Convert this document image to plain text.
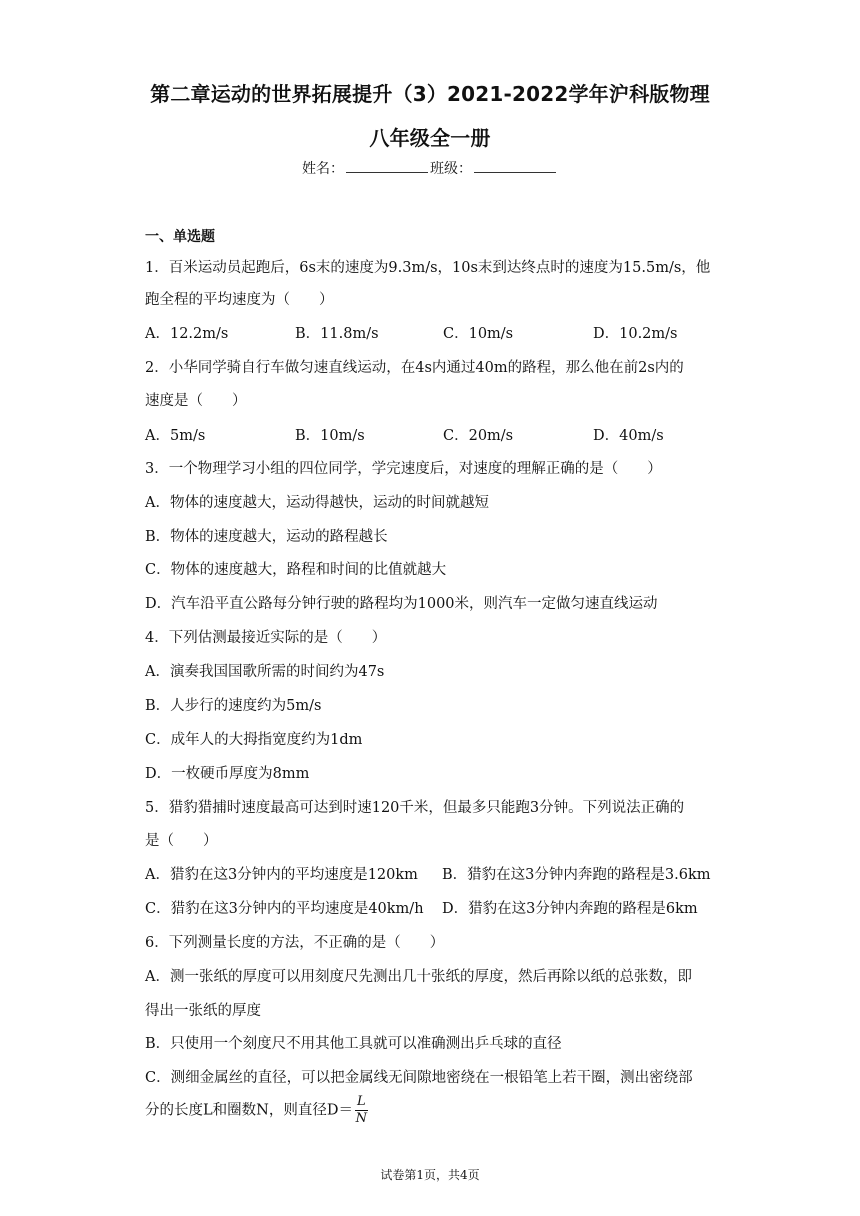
第二章运动的世界拓展提升（3）2021-2022学年沪科版物理
八年级全一册
姓名：	班级：
一、单选题
1．百米运动员起跑后，6s末的速度为9.3m/s，10s末到达终点时的速度为15.5m/s，他
跑全程的平均速度为（　　）
A．12.2m/s	B．11.8m/s	C．10m/s	D．10.2m/s
2．小华同学骑自行车做匀速直线运动，在4s内通过40m的路程，那么他在前2s内的
速度是（　　）
A．5m/s	B．10m/s	C．20m/s	D．40m/s
3．一个物理学习小组的四位同学，学完速度后，对速度的理解正确的是（　　）
A．物体的速度越大，运动得越快，运动的时间就越短
B．物体的速度越大，运动的路程越长
C．物体的速度越大，路程和时间的比值就越大
D．汽车沿平直公路每分钟行驶的路程均为1000米，则汽车一定做匀速直线运动
4．下列估测最接近实际的是（　　）
A．演奏我国国歌所需的时间约为47s
B．人步行的速度约为5m/s
C．成年人的大拇指宽度约为1dm
D．一枚硬币厚度为8mm
5．猎豹猎捕时速度最高可达到时速120千米，但最多只能跑3分钟。下列说法正确的
是（　　）
A．猎豹在这3分钟内的平均速度是120km B．猎豹在这3分钟内奔跑的路程是3.6km
C．猎豹在这3分钟内的平均速度是40km/h D．猎豹在这3分钟内奔跑的路程是6km
6．下列测量长度的方法，不正确的是（　　）
A．测一张纸的厚度可以用刻度尺先测出几十张纸的厚度，然后再除以纸的总张数，即
得出一张纸的厚度
B．只使用一个刻度尺不用其他工具就可以准确测出乒乓球的直径
C．测细金属丝的直径，可以把金属线无间隙地密绕在一根铅笔上若干圈，测出密绕部
分的长度L和圈数N，则直径$D= \frac{L}{N}$
试卷第1页，共4页
